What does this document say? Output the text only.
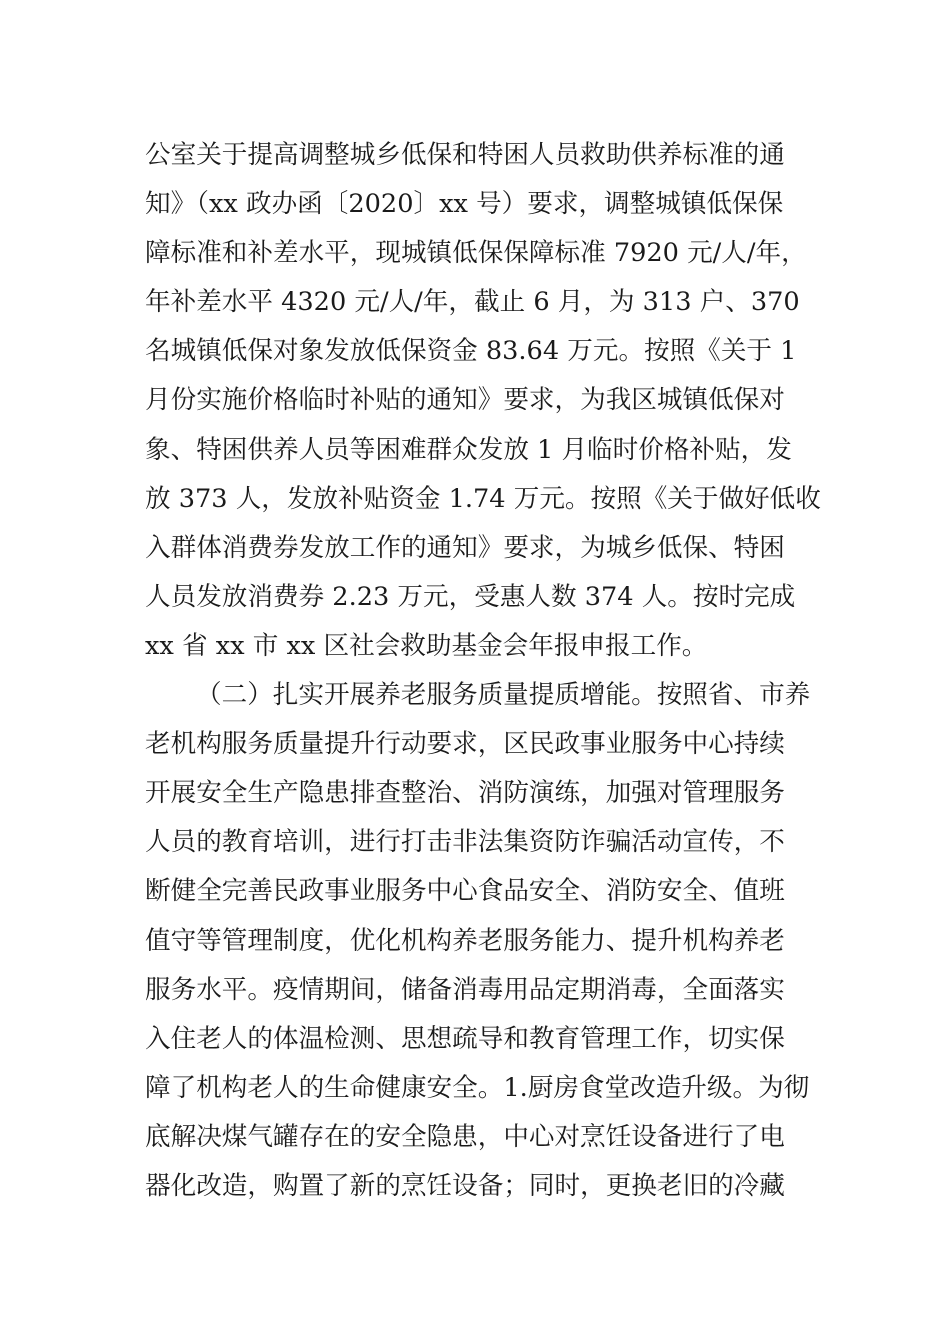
公室关于提高调整城乡低保和特困人员救助供养标准的通
知》（xx 政办函〔2020〕xx 号）要求，调整城镇低保保
障标准和补差水平，现城镇低保保障标准 7920 元/人/年，
年补差水平 4320 元/人/年，截止 6 月，为 313 户、370
名城镇低保对象发放低保资金 83.64 万元。按照《关于 1
月份实施价格临时补贴的通知》要求，为我区城镇低保对
象、特困供养人员等困难群众发放 1 月临时价格补贴，发
放 373 人，发放补贴资金 1.74 万元。按照《关于做好低收
入群体消费券发放工作的通知》要求，为城乡低保、特困
人员发放消费券 2.23 万元，受惠人数 374 人。按时完成
xx 省 xx 市 xx 区社会救助基金会年报申报工作。
（二）扎实开展养老服务质量提质增能。按照省、市养
老机构服务质量提升行动要求，区民政事业服务中心持续
开展安全生产隐患排查整治、消防演练，加强对管理服务
人员的教育培训，进行打击非法集资防诈骗活动宣传，不
断健全完善民政事业服务中心食品安全、消防安全、值班
值守等管理制度，优化机构养老服务能力、提升机构养老
服务水平。疫情期间，储备消毒用品定期消毒，全面落实
入住老人的体温检测、思想疏导和教育管理工作，切实保
障了机构老人的生命健康安全。1.厨房食堂改造升级。为彻
底解决煤气罐存在的安全隐患，中心对烹饪设备进行了电
器化改造，购置了新的烹饪设备；同时，更换老旧的冷藏
